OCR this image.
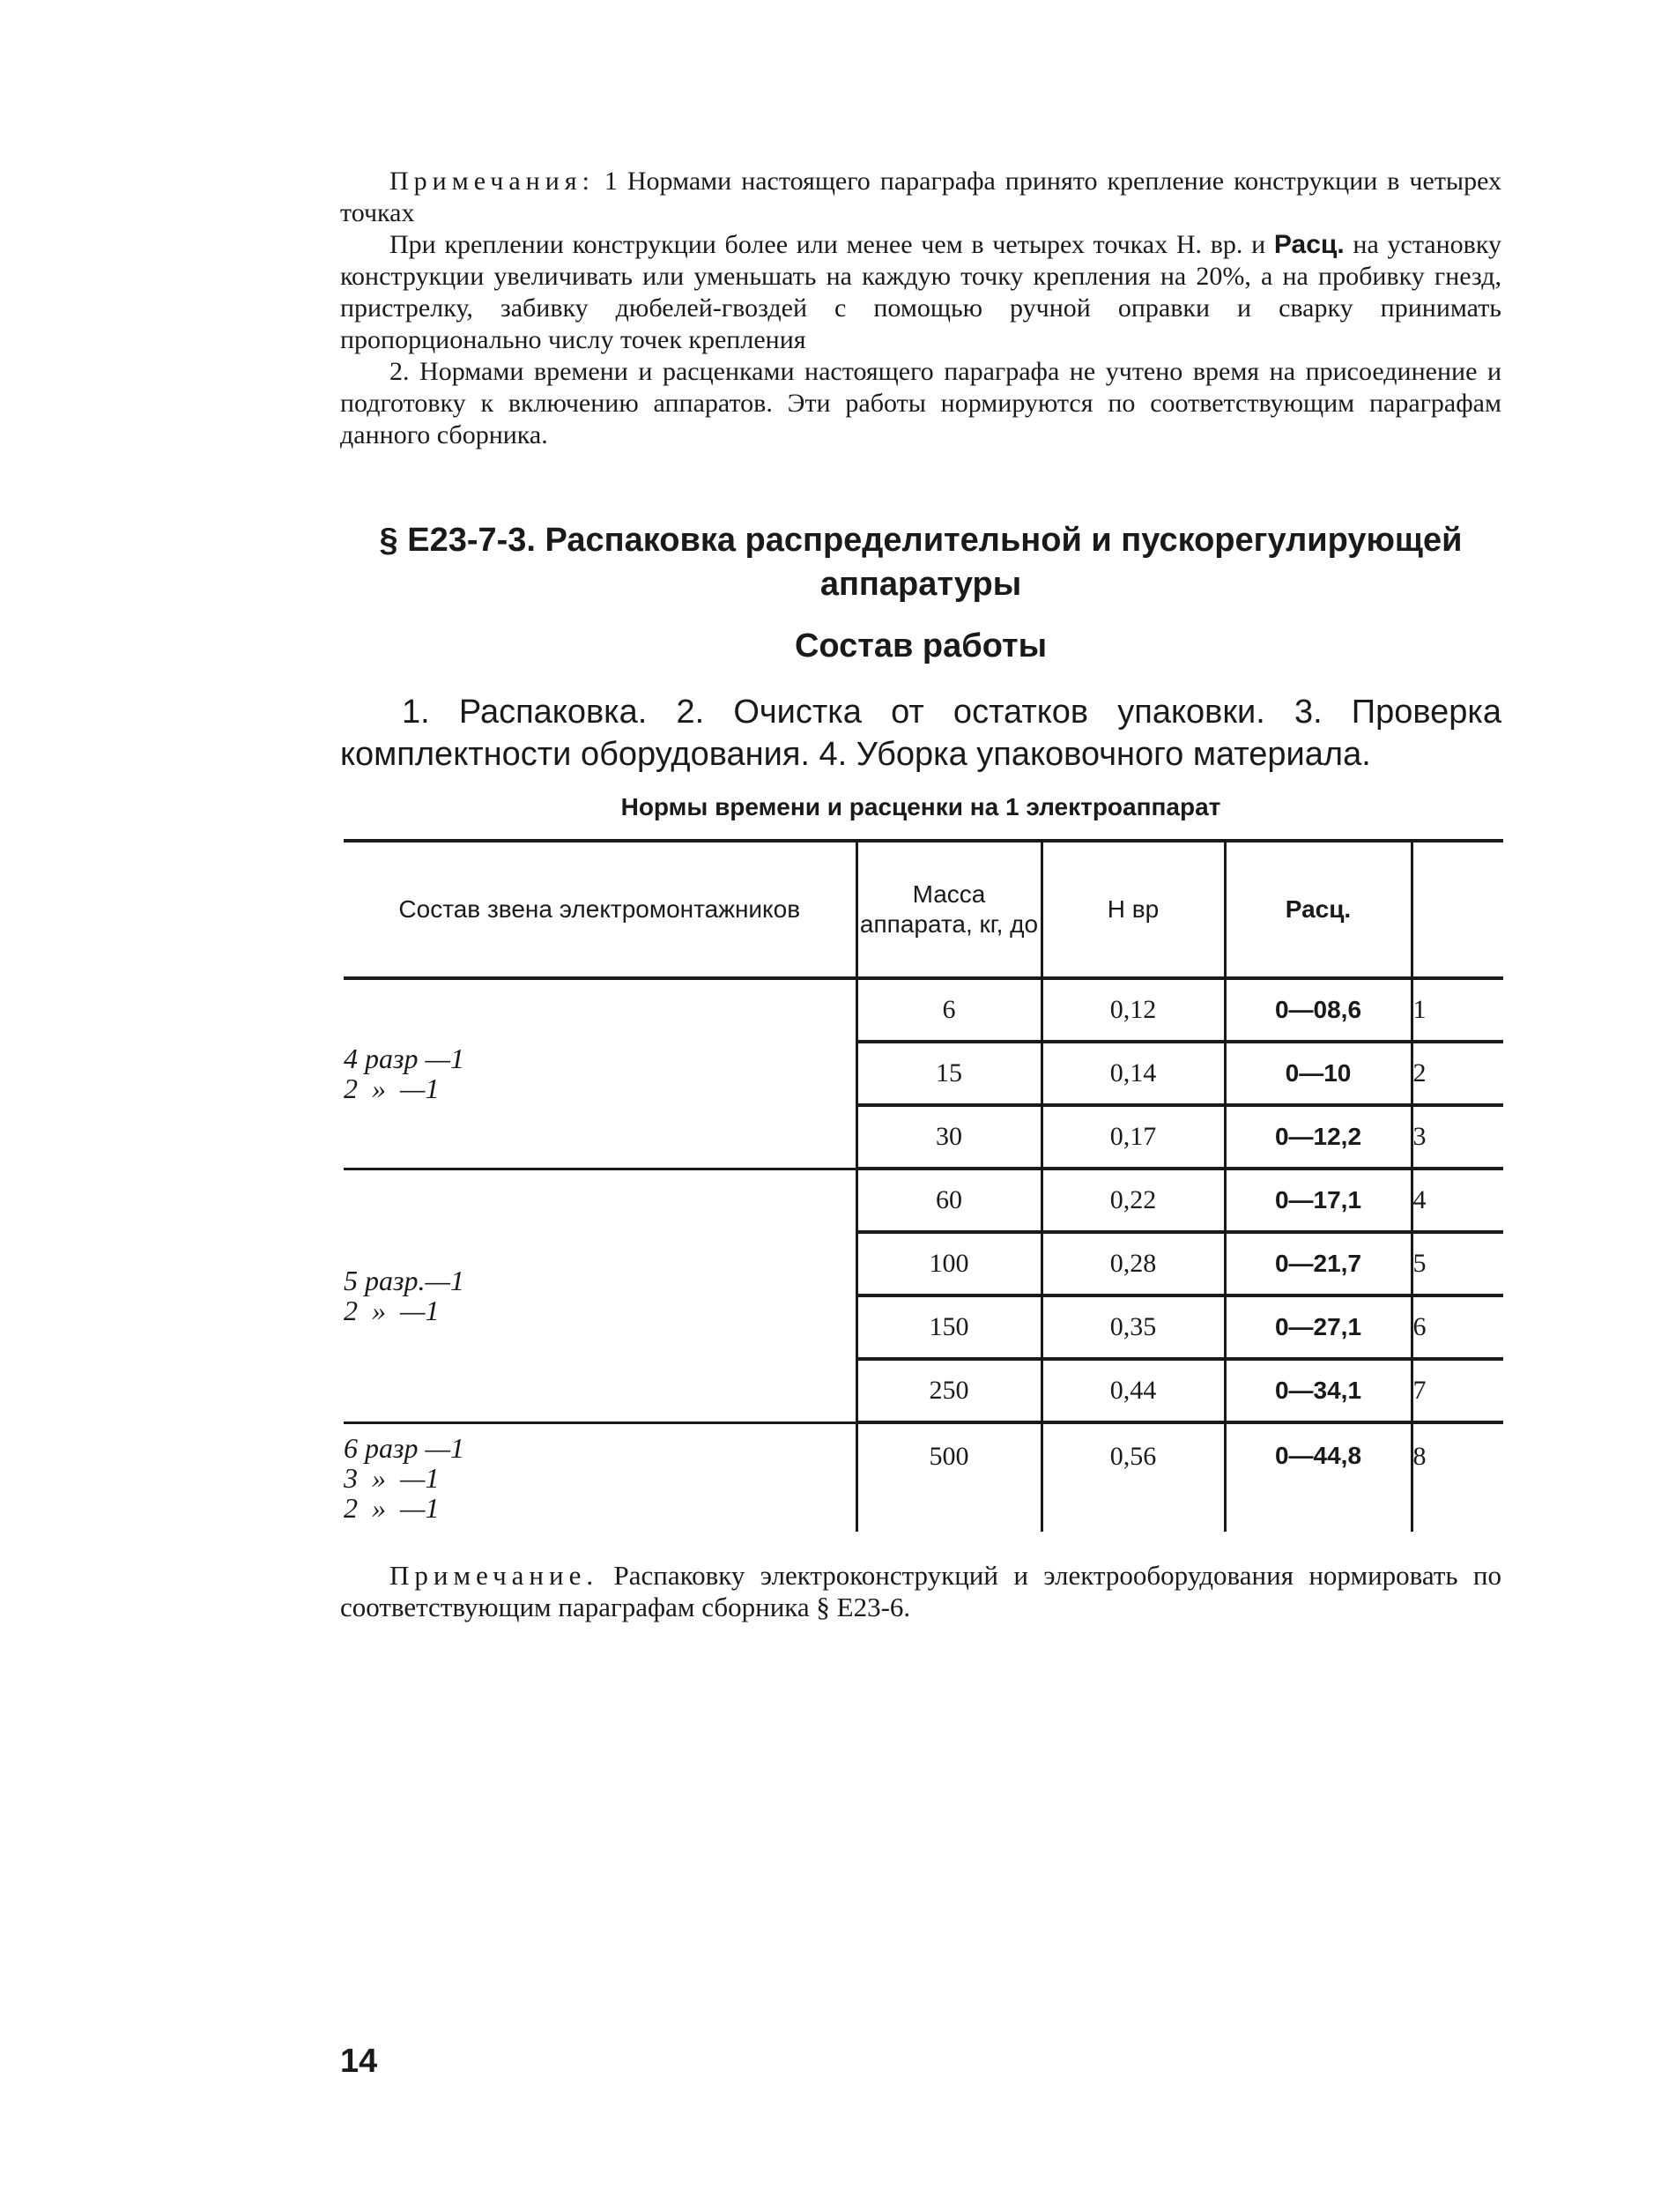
Примечания: 1 Нормами настоящего параграфа принято крепление конструкции в четырех точках

При креплении конструкции более или менее чем в четырех точках Н. вр. и Расц. на установку конструкции увеличивать или уменьшать на каждую точку крепления на 20%, а на пробивку гнезд, пристрелку, забивку дюбелей-гвоздей с помощью ручной оправки и сварку принимать пропорционально числу точек крепления

2. Нормами времени и расценками настоящего параграфа не учтено время на присоединение и подготовку к включению аппаратов. Эти работы нормируются по соответствующим параграфам данного сборника.

§ Е23-7-3. Распаковка распределительной и пускорегулирующей аппаратуры
Состав работы

1. Распаковка. 2. Очистка от остатков упаковки. 3. Проверка комплектности оборудования. 4. Уборка упаковочного материала.

Нормы времени и расценки на 1 электроаппарат
Состав звена электромонтажников	Масса аппарата, кг, до	Н вр	Расц.	
4 разр —1
2  »  —1	6	0,12	0—08,6	1
	15	0,14	0—10	2
	30	0,17	0—12,2	3
5 разр.—1
2  »  —1	60	0,22	0—17,1	4
	100	0,28	0—21,7	5
	150	0,35	0—27,1	6
	250	0,44	0—34,1	7
6 разр —1
3  »  —1
2  »  —1	500	0,56	0—44,8	8

Примечание. Распаковку электроконструкций и электрооборудования нормировать по соответствующим параграфам сборника § Е23-6.

14
